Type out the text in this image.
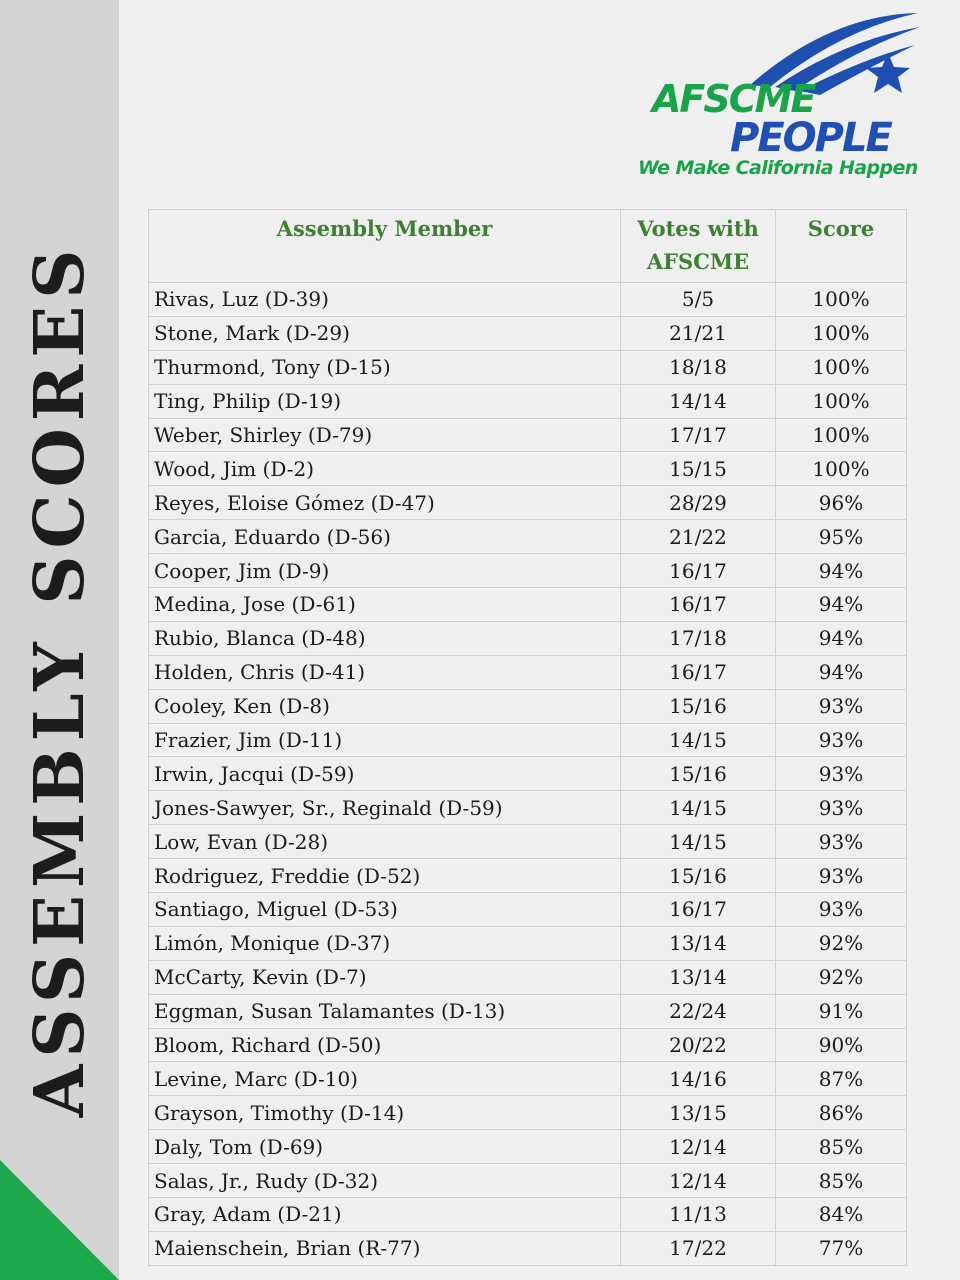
ASSEMBLY SCORES
AFSCME
PEOPLE
We Make California Happen
Assembly Member	Votes with AFSCME	Score
Rivas, Luz (D-39)	5/5	100%
Stone, Mark (D-29)	21/21	100%
Thurmond, Tony (D-15)	18/18	100%
Ting, Philip (D-19)	14/14	100%
Weber, Shirley (D-79)	17/17	100%
Wood, Jim (D-2)	15/15	100%
Reyes, Eloise Gómez (D-47)	28/29	96%
Garcia, Eduardo (D-56)	21/22	95%
Cooper, Jim (D-9)	16/17	94%
Medina, Jose (D-61)	16/17	94%
Rubio, Blanca (D-48)	17/18	94%
Holden, Chris (D-41)	16/17	94%
Cooley, Ken (D-8)	15/16	93%
Frazier, Jim (D-11)	14/15	93%
Irwin, Jacqui (D-59)	15/16	93%
Jones-Sawyer, Sr., Reginald (D-59)	14/15	93%
Low, Evan (D-28)	14/15	93%
Rodriguez, Freddie (D-52)	15/16	93%
Santiago, Miguel (D-53)	16/17	93%
Limón, Monique (D-37)	13/14	92%
McCarty, Kevin (D-7)	13/14	92%
Eggman, Susan Talamantes (D-13)	22/24	91%
Bloom, Richard (D-50)	20/22	90%
Levine, Marc (D-10)	14/16	87%
Grayson, Timothy (D-14)	13/15	86%
Daly, Tom (D-69)	12/14	85%
Salas, Jr., Rudy (D-32)	12/14	85%
Gray, Adam (D-21)	11/13	84%
Maienschein, Brian (R-77)	17/22	77%
